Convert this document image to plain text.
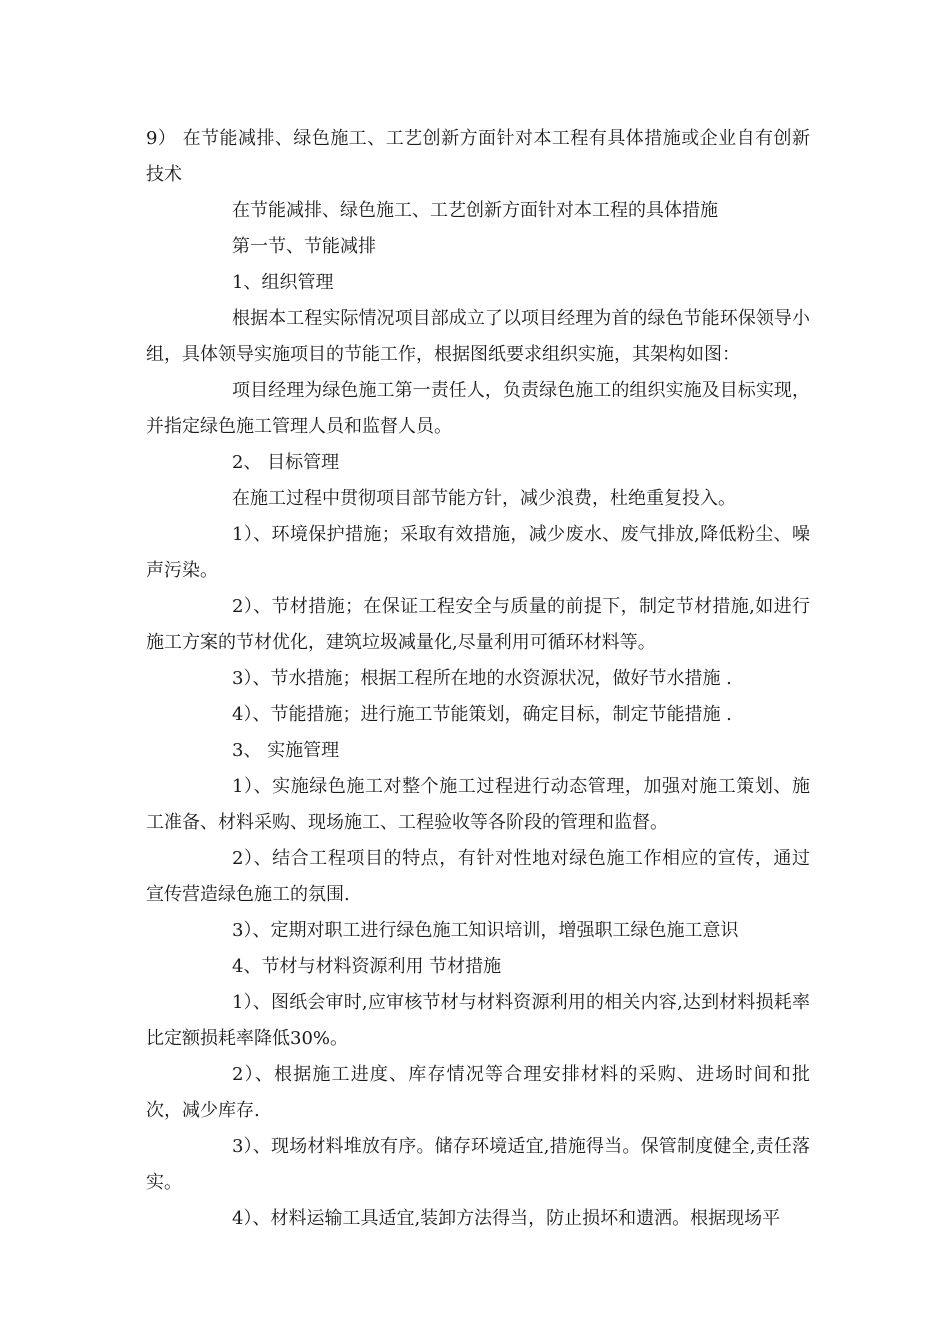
9） 在节能减排、绿色施工、工艺创新方面针对本工程有具体措施或企业自有创新技术

在节能减排、绿色施工、工艺创新方面针对本工程的具体措施

第一节、节能减排

1、组织管理

根据本工程实际情况项目部成立了以项目经理为首的绿色节能环保领导小组，具体领导实施项目的节能工作，根据图纸要求组织实施，其架构如图：

项目经理为绿色施工第一责任人，负责绿色施工的组织实施及目标实现，并指定绿色施工管理人员和监督人员。

2、 目标管理

在施工过程中贯彻项目部节能方针，减少浪费，杜绝重复投入。

1）、环境保护措施；采取有效措施，减少废水、废气排放,降低粉尘、噪声污染。

2）、节材措施；在保证工程安全与质量的前提下，制定节材措施,如进行施工方案的节材优化，建筑垃圾减量化,尽量利用可循环材料等。

3）、节水措施；根据工程所在地的水资源状况，做好节水措施 .

4）、节能措施；进行施工节能策划，确定目标，制定节能措施 .

3、 实施管理

1）、实施绿色施工对整个施工过程进行动态管理，加强对施工策划、施工准备、材料采购、现场施工、工程验收等各阶段的管理和监督。

2）、结合工程项目的特点，有针对性地对绿色施工作相应的宣传，通过宣传营造绿色施工的氛围.

3）、定期对职工进行绿色施工知识培训，增强职工绿色施工意识

4、节材与材料资源利用 节材措施

1）、图纸会审时,应审核节材与材料资源利用的相关内容,达到材料损耗率比定额损耗率降低30%。

2）、根据施工进度、库存情况等合理安排材料的采购、进场时间和批次，减少库存.

3）、现场材料堆放有序。储存环境适宜,措施得当。保管制度健全,责任落实。

4）、材料运输工具适宜,装卸方法得当，防止损坏和遗洒。根据现场平
